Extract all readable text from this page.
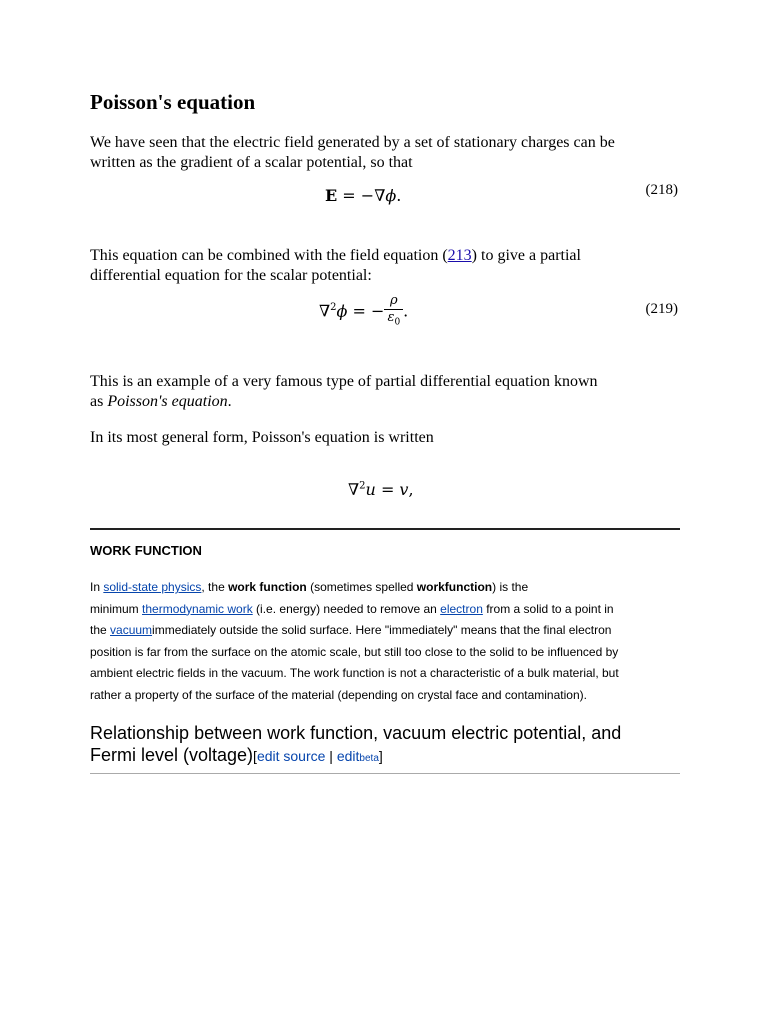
Poisson's equation

We have seen that the electric field generated by a set of stationary charges can be
written as the gradient of a scalar potential, so that

E = −∇ϕ.	(218)

This equation can be combined with the field equation (213) to give a partial
differential equation for the scalar potential:

∇$^2$ϕ = − $\frac{\rho}{\varepsilon_0}$ .	(219)

This is an example of a very famous type of partial differential equation known
as Poisson's equation.

In its most general form, Poisson's equation is written

∇$^2$u = v,
WORK FUNCTION

In solid-state physics, the work function (sometimes spelled workfunction) is the
minimum thermodynamic work (i.e. energy) needed to remove an electron from a solid to a point in
the vacuumimmediately outside the solid surface. Here "immediately" means that the final electron
position is far from the surface on the atomic scale, but still too close to the solid to be influenced by
ambient electric fields in the vacuum. The work function is not a characteristic of a bulk material, but
rather a property of the surface of the material (depending on crystal face and contamination).

Relationship between work function, vacuum electric potential, and
Fermi level (voltage)[edit source | editbeta]
